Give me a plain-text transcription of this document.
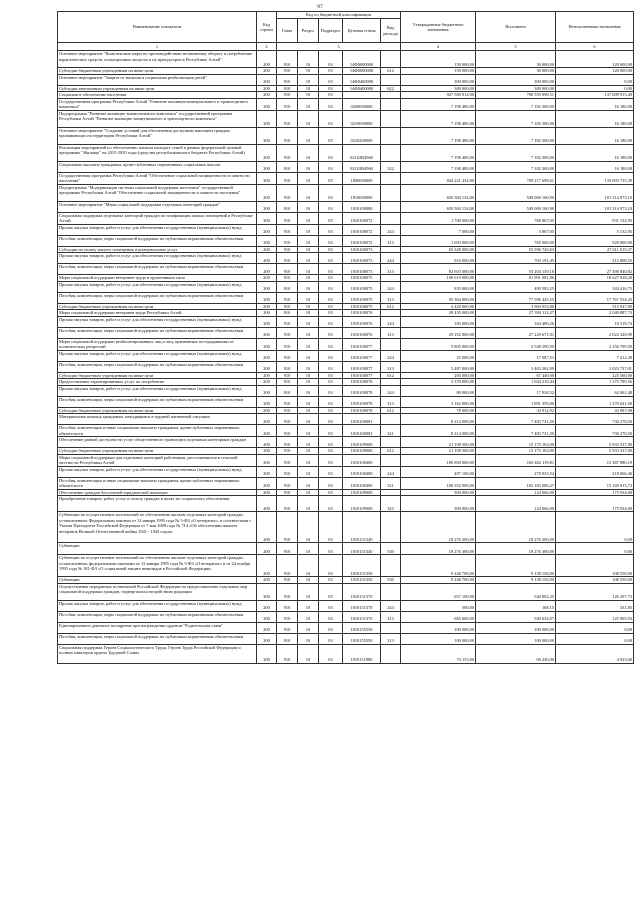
97
Наименование показателя	Код строки	Код по бюджетной классификации					Утвержденные бюджетные назначения	Исполнено	Неисполненные назначения
		Глава	Раздел	Подраздел	Целевая статья	Вид расхода			
1	2	3					4	5	6
Основное мероприятие "Комплексные меры по противодействию незаконному обороту и потреблению наркотических средств, психотропных веществ и их прекурсоров в Республике Алтай"	200	910	10	03	14Ф0000000		150 000,00	30 000,00	120 000,00
Субсидии бюджетным учреждениям на иные цели	200	910	10	03	14Ф0000000	612	150 000,00	30 000,00	120 000,00
Основное мероприятие "Защита от насилия и социальная реабилитация детей"	200	910	10	03	14Ф0400000		300 000,00	300 000,00	0,00
Субсидии автономным учреждениям на иные цели	200	910	10	03	14Ф0400000	622	300 000,00	300 000,00	0,00
Социальное обеспечение населения	200	910	10	03			927 569 914,00	790 559 998,51	137 009 915,49
Государственная программа Республики Алтай "Развитие жилищно-коммунального и транспортного комплекса"	200	910	10	03	0200000000		7 198 480,00	7 182 300,00	16 180,00
Подпрограмма "Развитие жилищно-коммунального комплекса" государственной программы Республики Алтай "Развитие жилищно-коммунального и транспортного комплекса"	200	910	10	03	0210000000		7 198 480,00	7 182 300,00	16 180,00
Основное мероприятие "Создание условий для обеспечения доступным жилищем граждан, проживающих на территории Республики Алтай"	200	910	10	03	0210200000		7 198 480,00	7 182 300,00	16 180,00
Реализация мероприятий по обеспечению жильем молодых семей в рамках федеральной целевой программы "Жилище" на 2015-2020 годы (средства республиканского бюджета Республики Алтай)	200	910	10	03	02102R4960		7 198 480,00	7 182 300,00	16 180,00
Социальные выплаты гражданам, кроме публичных нормативных социальных выплат	200	910	10	03	02102R4960	322	7 198 480,00	7 182 300,00	16 180,00
Государственная программа Республики Алтай "Обеспечение социальной защищенности и занятости населения"	200	910	10	03	1800000000		844 221 434,00	709 217 698,61	135 003 735,39
Подпрограмма "Модернизация системы социальной поддержки населения" государственной программы Республики Алтай "Обеспечение социальной защищенности и занятости населения"	200	910	10	03	1810000000		650 584 134,00	549 069 160,90	101 514 973,10
Основное мероприятие "Меры социальной поддержки отдельных категорий граждан"	200	910	10	03	1810100000		650 584 134,00	549 069 160,90	101 514 973,10
Социальная поддержка отдельных категорий граждан по газификации жилых помещений в Республике Алтай	200	910	10	03	1810100072		1 700 000,00	768 867,05	931 132,95
Прочая закупка товаров, работ и услуг для обеспечения государственных (муниципальных) нужд	200	910	10	03	1810100072	244	7 000,00	3 867,05	3 132,95
Пособия, компенсации, меры социальной поддержки по публичным нормативным обязательствам	200	910	10	03	1810100072	313	1 693 000,00	765 000,00	928 000,00
Субсидии на оплату жилого помещения и коммунальных услуг	200	910	10	03	1810100073		65 328 000,00	55 596 720,63	27 611 019,37
Прочая закупка товаров, работ и услуг для обеспечения государственных (муниципальных) нужд	200	910	10	03	1810100073	244	916 000,00	703 191,45	212 808,55
Пособия, компенсации, меры социальной поддержки по публичным нормативным обязательствам	200	910	10	03	1810100073	313	82 603 000,00	55 204 159,18	27 398 840,82
Меры социальной поддержки ветеранов труда и труженников тыла	200	910	10	03	1810100075		100 619 000,00	81 991 081,86	18 627 918,20
Прочая закупка товаров, работ и услуг для обеспечения государственных (муниципальных) нужд	200	910	10	03	1810100075	244	835 000,00	490 583,25	344 416,75
Пособия, компенсации, меры социальной поддержки по публичным нормативным обязательствам	200	910	10	03	1810100075	313	95 364 000,00	77 596 445,55	17 767 554,45
Субсидии бюджетным учреждениям на иные цели	200	910	10	03	1810100075	612	4 420 000,00	3 904 053,00	515 947,00
Меры социальной поддержки ветеранов труда Республики Алтай	200	910	10	03	1810100076		29 435 000,00	27 394 112,27	2 040 887,73
Прочая закупка товаров, работ и услуг для обеспечения государственных (муниципальных) нужд	200	910	10	03	1810100076	244	183 000,00	164 480,26	18 519,74
Пособия, компенсации, меры социальной поддержки по публичным нормативным обязательствам	200	910	10	03	1810100076	313	29 252 000,00	27 229 671,01	2 022 328,99
Меры социальной поддержки реабилитированных лиц и лиц, признанных пострадавшими от политических репрессий	200	910	10	03	1810100077		5 805 000,00	3 548 290,50	2 256 709,50
Прочая закупка товаров, работ и услуг для обеспечения государственных (муниципальных) нужд	200	910	10	03	1810100077	244	25 000,00	17 587,51	7 412,49
Пособия, компенсации, меры социальной поддержки по публичным нормативным обязательствам	200	910	10	03	1810100077	313	5 487 000,00	3 463 262,99	2 023 737,01
Субсидии бюджетным учреждениям на иные цели	200	910	10	03	1810100077	612	293 000,00	67 440,00	225 560,00
Предоставление гарантированных услуг по погребению	200	910	10	03	1810100078		3 370 000,00	1 944 210,44	1 375 789,56
Прочая закупка товаров, работ и услуг для обеспечения государственных (муниципальных) нужд	200	910	10	03	1810100078	244	80 000,00	17 938,52	62 061,48
Пособия, компенсации, меры социальной поддержки по публичным нормативным обязательствам	200	910	10	03	1810100078	313	3 162 000,00	1 891 359,00	1 270 641,00
Субсидии бюджетным учреждениям на иные цели	200	910	10	03	1810100078	612	78 000,00	34 912,92	43 087,08
Материальная помощь гражданам, находящимся в трудной жизненной ситуации	200	910	10	03	1810100081		8 214 000,00	7 483 721,50	730 278,50
Пособия, компенсации и иные социальные выплаты гражданам, кроме публичных нормативных обязательств	200	910	10	03	1810100081	321	8 214 000,00	7 483 721,50	730 278,50
Обеспечение равной доступности услуг общественного транспорта отдельным категориям граждан	200	910	10	03	1810109000		21 108 500,00	15 175 163,00	5 933 337,00
Субсидии бюджетным учреждениям на иные цели	200	910	10	03	1810109000	612	21 108 500,00	15 175 163,00	5 933 337,00
Меры социальной поддержки для отдельных категорий работников, расселяющихся в сельской местности Республики Алтай	200	910	10	03	1810100400		180 850 000,00	165 462 119,81	15 387 880,19
Прочая закупка товаров, работ и услуг для обеспечения государственных (муниципальных) нужд	200	910	10	03	1810100400	244	497 100,00	279 033,54	218 066,46
Пособия, компенсации и иные социальные выплаты гражданам, кроме публичных нормативных обязательств	200	910	10	03	1810100400	321	180 352 900,00	165 183 086,27	15 169 813,73
Обеспечение граждан бесплатной юридической помощью	200	910	10	03	1810109000		300 000,00	124 066,00	175 934,00
Приобретение товаров, работ, услуг в пользу граждан в целях их социального обеспечения	200	910	10	03	1810109000	323	300 000,00	124 066,00	175 934,00
Субвенции на осуществление полномочий по обеспечению жильем отдельных категорий граждан, установленных Федеральным законом от 12 января 1995 года № 5-ФЗ «О ветеранах», в соответствии с Указом Президента Российской Федерации от 7 мая 2008 года № 714 «Об обеспечении жильем ветеранов Великой Отечественной войны 1941 - 1945 годов»	200	910	10	03	1810151340		18 276 300,00	18 276 300,00	0,00
Субвенции	200	910	10	03	1810151340	530	18 276 300,00	18 276 300,00	0,00
Субвенции на осуществление полномочий по обеспечению жильем отдельных категорий граждан, установленных федеральными законами от 12 января 1995 года № 5-ФЗ «О ветеранах» и от 24 ноября 1995 года № 181-ФЗ «О социальной защите инвалидов в Российской Федерации»	200	910	10	03	1810151350		9 248 700,00	9 138 150,00	108 550,00
Субвенции	200	910	10	03	1810151350	530	9 248 700,00	9 138 150,00	108 550,00
Осуществление переданных полномочий Российской Федерации по предоставлению отдельных мер социальной поддержки граждан, подвергшихся воздействию радиации	200	910	10	03	1810151370		657 100,00	540 802,25	126 297,75
Прочая закупка товаров, работ и услуг для обеспечения государственных (муниципальных) нужд	200	910	10	03	1810151370	244	500,00	168,15	331,85
Пособия, компенсации, меры социальной поддержки по публичным нормативным обязательствам	200	910	10	03	1810151370	313	665 600,00	540 634,07	125 965,93
Единовременное денежное поощрение при награждении орденом "Родительская слава"	200	910	10	03	1810155550		100 000,00	100 000,00	0,00
Пособия, компенсации, меры социальной поддержки по публичным нормативным обязательствам	200	910	10	03	1810155550	313	100 000,00	100 000,00	0,00
Социальная поддержка Героев Социалистического Труда, Героев Труда Российской Федерации и полных кавалеров ордена Трудовой Славы	200	910	10	03	1810151980		74 153,00	69 230,00	4 923,00
